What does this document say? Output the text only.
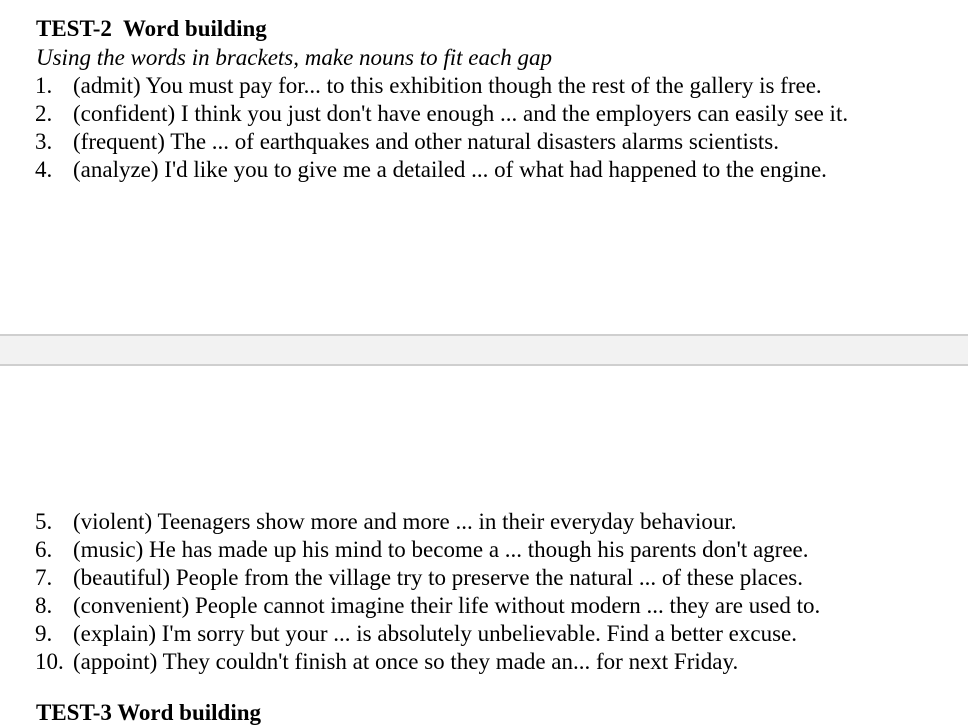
TEST-2  Word building
Using the words in brackets, make nouns to fit each gap
1. (admit) You must pay for... to this exhibition though the rest of the gallery is free.
2. (confident) I think you just don't have enough ... and the employers can easily see it.
3. (frequent) The ... of earthquakes and other natural disasters alarms scientists.
4. (analyze) I'd like you to give me a detailed ... of what had happened to the engine.
5. (violent) Teenagers show more and more ... in their everyday behaviour.
6. (music) He has made up his mind to become a ... though his parents don't agree.
7. (beautiful) People from the village try to preserve the natural ... of these places.
8. (convenient) People cannot imagine their life without modern ... they are used to.
9. (explain) I'm sorry but your ... is absolutely unbelievable. Find a better excuse.
10. (appoint) They couldn't finish at once so they made an... for next Friday.
TEST-3 Word building
